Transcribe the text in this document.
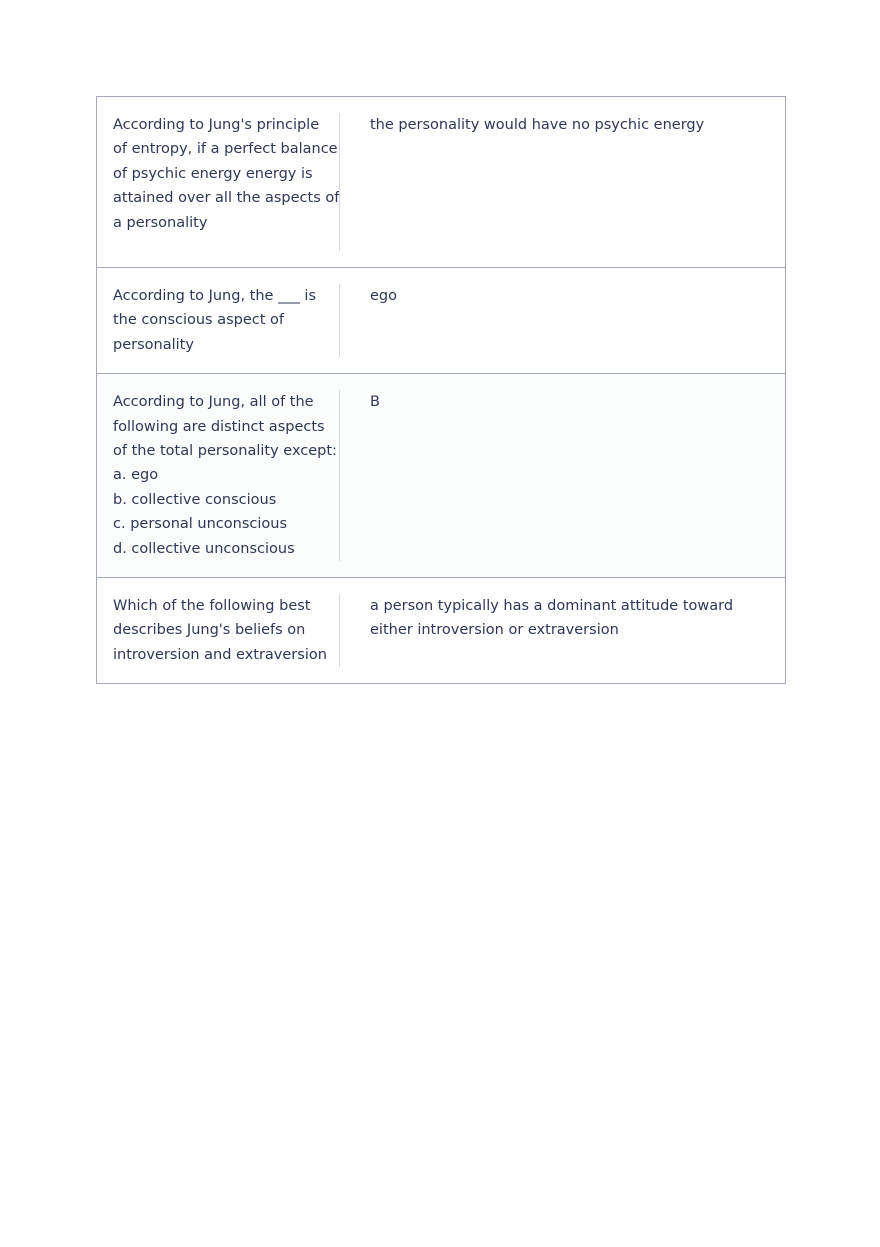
According to Jung's principle
of entropy, if a perfect balance
of psychic energy energy is
attained over all the aspects of
a personality
the personality would have no psychic energy
According to Jung, the ___ is
the conscious aspect of
personality
ego
According to Jung, all of the
following are distinct aspects
of the total personality except:
a. ego
b. collective conscious
c. personal unconscious
d. collective unconscious
B
Which of the following best
describes Jung's beliefs on
introversion and extraversion
a person typically has a dominant attitude toward
either introversion or extraversion
